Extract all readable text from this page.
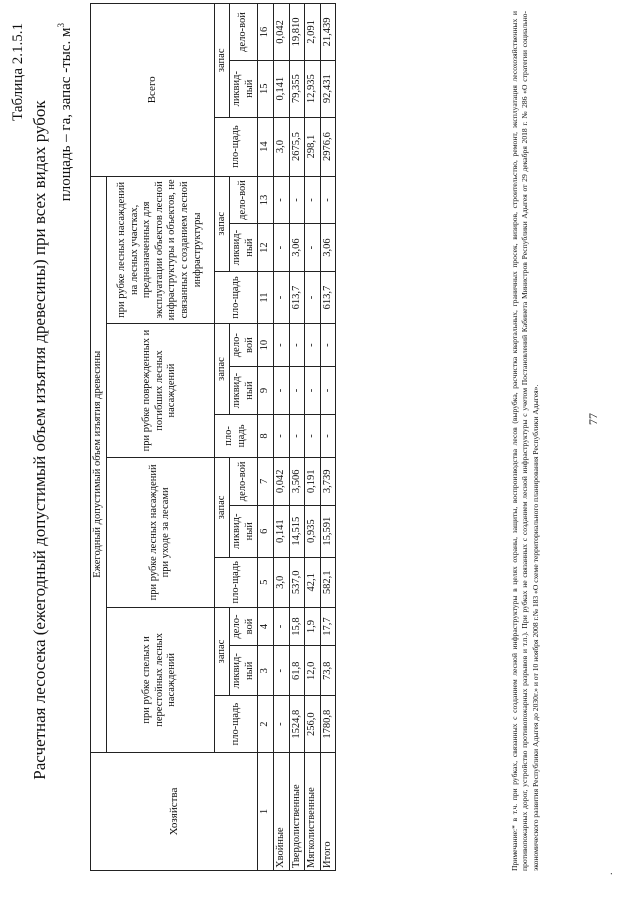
Таблица 2.1.5.1
Расчетная лесосека (ежегодный допустимый объем изъятия древесины) при всех видах рубок площадь – га, запас -тыс. $м^3$
Хозяйства	Ежегодный допустимый объем изъятия древесины												Всего		
	при рубке спелых и перестойных лесных насаждений			при рубке лесных насаждений при уходе за лесами			при рубке поврежденных и погибших лесных насаждений			при рубке лесных насаждений на лесных участках, предназначенных для эксплуатации объектов лесной инфраструктуры и объектов, не связанных с созданием лесной инфраструктуры					
	пло-щадь	запас		пло-щадь	запас		пло-щадь	запас		пло-щадь	запас		пло-щадь	запас	
		ликвид-ный	дело-вой		ликвид-ный	дело-вой		ликвид-ный	дело-вой		ликвид-ный	дело-вой		ликвид-ный	дело-вой
1	2	3	4	5	6	7	8	9	10	11	12	13	14	15	16
Хвойные	-	-	-	3,0	0,141	0,042	-	-	-	-	-	-	3,0	0,141	0,042
Твердолиственные	1524,8	61,8	15,8	537,0	14,515	3,506	-	-	-	613,7	3,06	-	2675,5	79,355	19,810
Мягколиственные	256,0	12,0	1,9	42,1	0,935	0,191	-	-	-	-	-	-	298,1	12,935	2,091
Итого	1780,8	73,8	17,7	582,1	15,591	3,739	-	-	-	613,7	3,06	-	2976,6	92,431	21,439	Примечание:* в т.ч. при рубках, связанных с созданием лесной инфраструктуры в целях охраны, защиты, воспроизводства лесов (вырубка, расчистка квартальных, граничных просек, визиров, строительство, ремонт, эксплуатация лесохозяйственных и противопожарных дорог, устройство противопожарных разрывов и т.п.). При рубках не связанных с созданием лесной инфраструктуры с учетом Постановлений Кабинета Министров Республики Адыгея от 29 декабря 2018 г. № 286 «О стратегии социально-экономического развития Республики Адыгея до 2030г.» и от 10 ноября 2008 г.№ 183 «О схеме территориального планирования Республики Адыгея».	77
.
